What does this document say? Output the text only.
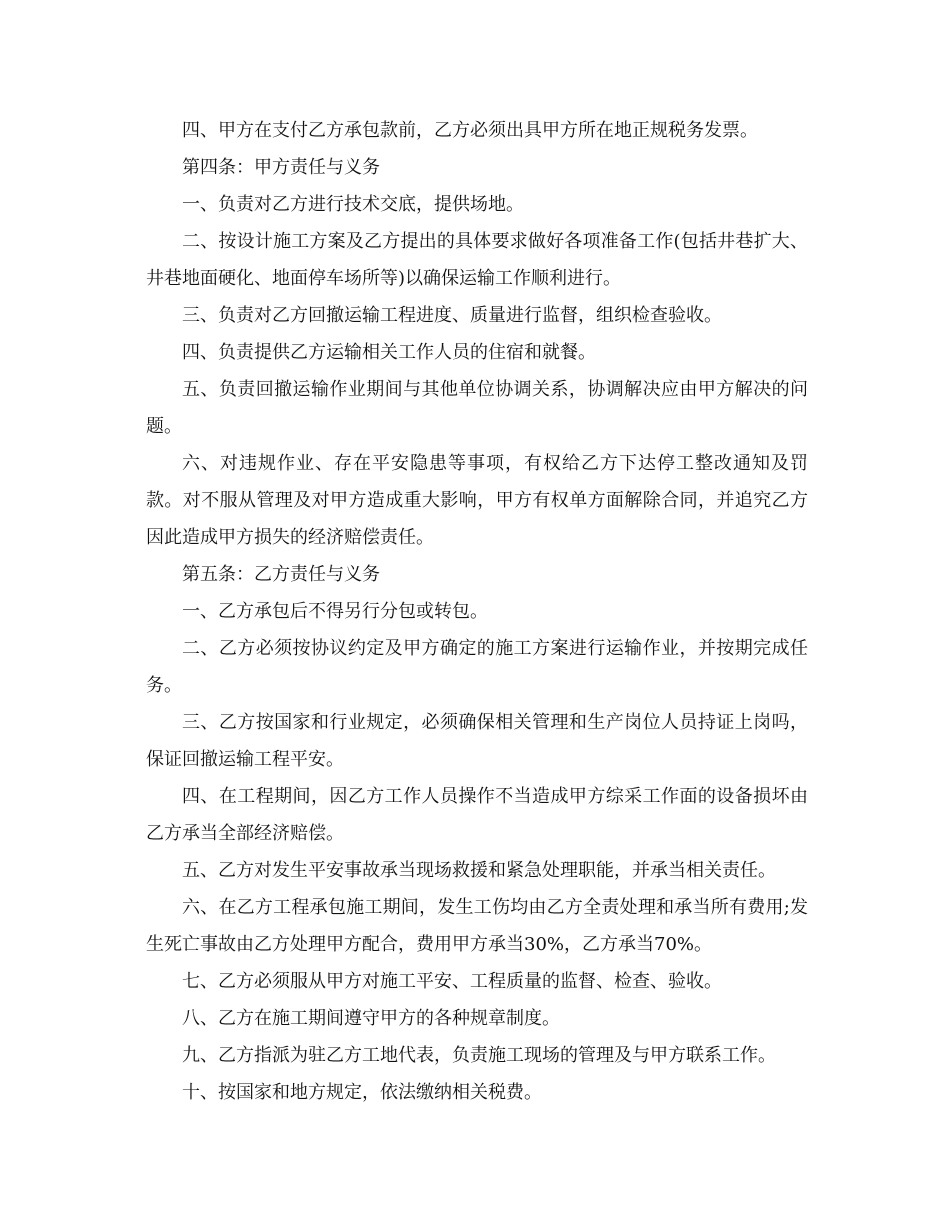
四、甲方在支付乙方承包款前，乙方必须出具甲方所在地正规税务发票。

第四条：甲方责任与义务

一、负责对乙方进行技术交底，提供场地。

二、按设计施工方案及乙方提出的具体要求做好各项准备工作(包括井巷扩大、井巷地面硬化、地面停车场所等)以确保运输工作顺利进行。

三、负责对乙方回撤运输工程进度、质量进行监督，组织检查验收。

四、负责提供乙方运输相关工作人员的住宿和就餐。

五、负责回撤运输作业期间与其他单位协调关系，协调解决应由甲方解决的问题。

六、对违规作业、存在平安隐患等事项，有权给乙方下达停工整改通知及罚款。对不服从管理及对甲方造成重大影响，甲方有权单方面解除合同，并追究乙方因此造成甲方损失的经济赔偿责任。

第五条：乙方责任与义务

一、乙方承包后不得另行分包或转包。

二、乙方必须按协议约定及甲方确定的施工方案进行运输作业，并按期完成任务。

三、乙方按国家和行业规定，必须确保相关管理和生产岗位人员持证上岗吗，保证回撤运输工程平安。

四、在工程期间，因乙方工作人员操作不当造成甲方综采工作面的设备损坏由乙方承当全部经济赔偿。

五、乙方对发生平安事故承当现场救援和紧急处理职能，并承当相关责任。

六、在乙方工程承包施工期间，发生工伤均由乙方全责处理和承当所有费用;发生死亡事故由乙方处理甲方配合，费用甲方承当30%，乙方承当70%。

七、乙方必须服从甲方对施工平安、工程质量的监督、检查、验收。

八、乙方在施工期间遵守甲方的各种规章制度。

九、乙方指派为驻乙方工地代表，负责施工现场的管理及与甲方联系工作。

十、按国家和地方规定，依法缴纳相关税费。
